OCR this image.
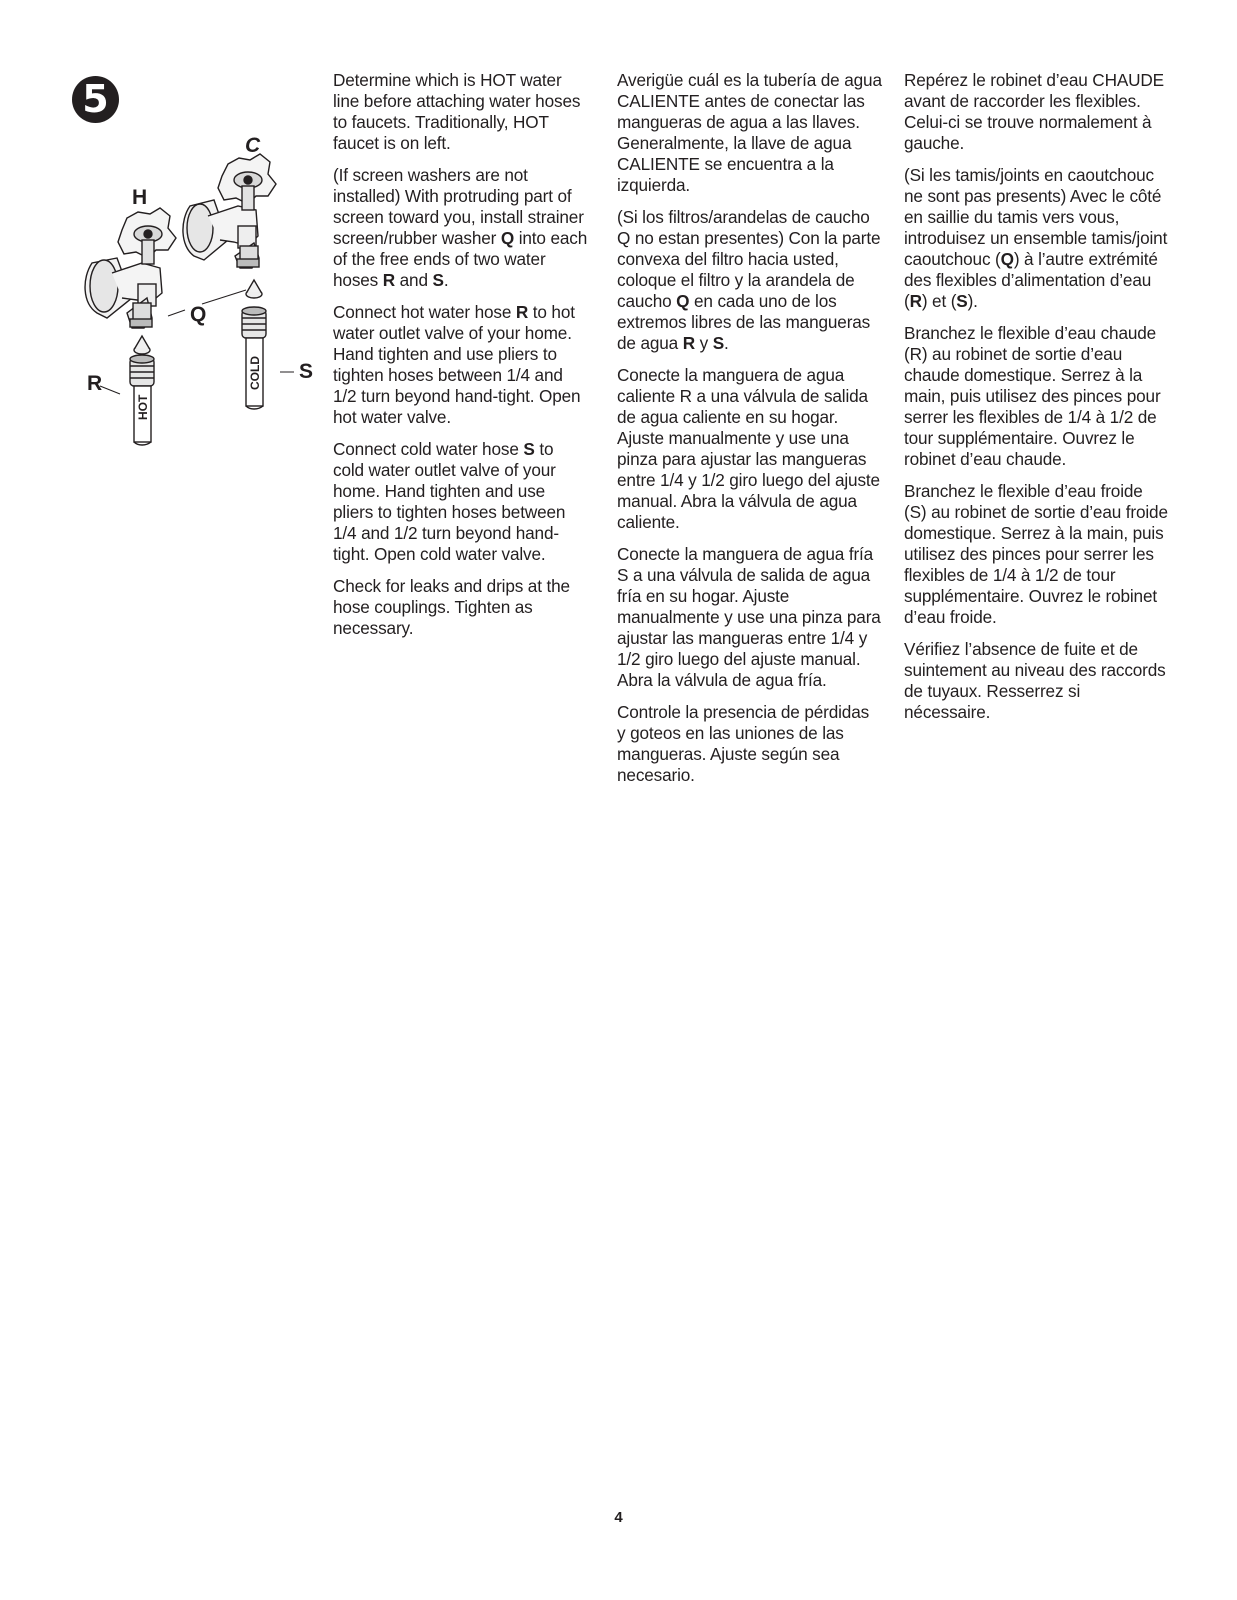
5
H
C
Q
R
S
HOT
COLD

Determine which is HOT water line before attaching water hoses to faucets. Traditionally, HOT faucet is on left.

(If screen washers are not installed) With protruding part of screen toward you, install strainer screen/rubber washer Q into each of the free ends of two water hoses R and S.

Connect hot water hose R to hot water outlet valve of your home. Hand tighten and use pliers to tighten hoses between 1/4 and 1/2 turn beyond hand-tight. Open hot water valve.

Connect cold water hose S to cold water outlet valve of your home. Hand tighten and use pliers to tighten hoses between 1/4 and 1/2 turn beyond hand-tight. Open cold water valve.

Check for leaks and drips at the hose couplings. Tighten as necessary.

Averigüe cuál es la tubería de agua CALIENTE antes de conectar las mangueras de agua a las llaves. Generalmente, la llave de agua CALIENTE se encuentra a la izquierda.

(Si los filtros/arandelas de caucho Q no estan presentes) Con la parte convexa del filtro hacia usted, coloque el filtro y la arandela de caucho Q en cada uno de los extremos libres de las mangueras de agua R y S.

Conecte la manguera de agua caliente R a una válvula de salida de agua caliente en su hogar. Ajuste manualmente y use una pinza para ajustar las mangueras entre 1/4 y 1/2 giro luego del ajuste manual. Abra la válvula de agua caliente.

Conecte la manguera de agua fría S a una válvula de salida de agua fría en su hogar. Ajuste manualmente y use una pinza para ajustar las mangueras entre 1/4 y 1/2 giro luego del ajuste manual. Abra la válvula de agua fría.

Controle la presencia de pérdidas y goteos en las uniones de las mangueras. Ajuste según sea necesario.

Repérez le robinet d’eau CHAUDE avant de raccorder les flexibles. Celui-ci se trouve normalement à gauche.

(Si les tamis/joints en caoutchouc ne sont pas presents) Avec le côté en saillie du tamis vers vous, introduisez un ensemble tamis/joint caoutchouc (Q) à l’autre extrémité des flexibles d’alimentation d’eau (R) et (S).

Branchez le flexible d’eau chaude (R) au robinet de sortie d’eau chaude domestique. Serrez à la main, puis utilisez des pinces pour serrer les flexibles de 1/4 à 1/2 de tour supplémentaire. Ouvrez le robinet d’eau chaude.

Branchez le flexible d’eau froide (S) au robinet de sortie d’eau froide domestique. Serrez à la main, puis utilisez des pinces pour serrer les flexibles de 1/4 à 1/2 de tour supplémentaire. Ouvrez le robinet d’eau froide.

Vérifiez l’absence de fuite et de suintement au niveau des raccords de tuyaux. Resserrez si nécessaire.

4
